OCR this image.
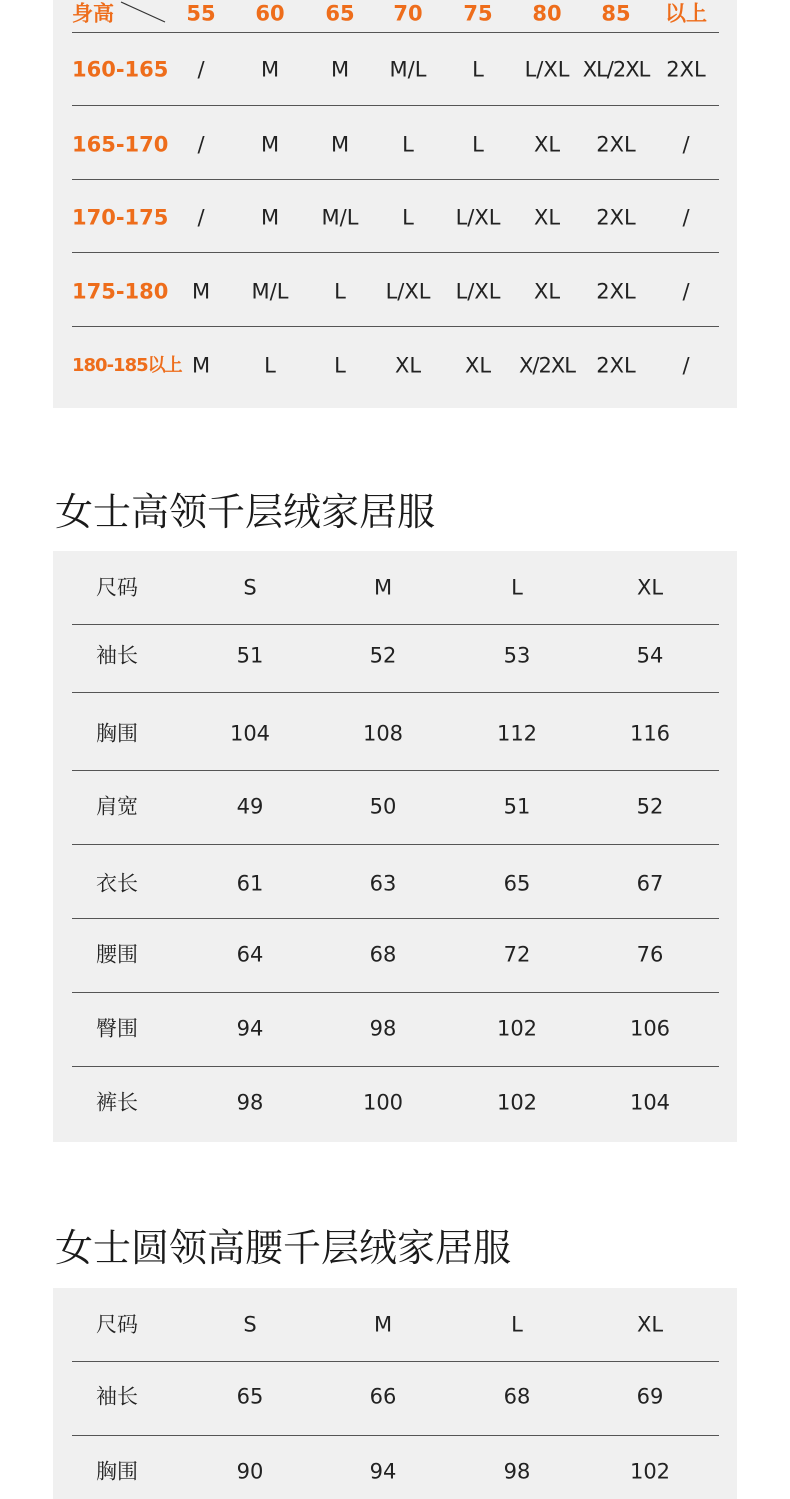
身高	55 60 65 70 75 80 85 以上
160-165 /	M M M/L L L/XL XL/2XL 2XL
165-170 /	M M	L	L XL 2XL /
170-175 /	M M/L L L/XL XL 2XL /
175-180 M M/L L L/XL L/XL XL 2XL /
180-185以上 M	L	L XL XL X/2XL 2XL /
女士高领千层绒家居服
尺码	S	M	L	XL
袖长	51	52	53	54
胸围	104	108	112	116
肩宽	49	50	51	52
衣长	61	63	65	67
腰围	64	68	72	76
臀围	94	98	102	106
裤长	98	100	102	104
女士圆领高腰千层绒家居服
尺码	S	M	L	XL
袖长	65	66	68	69
胸围	90	94	98	102
